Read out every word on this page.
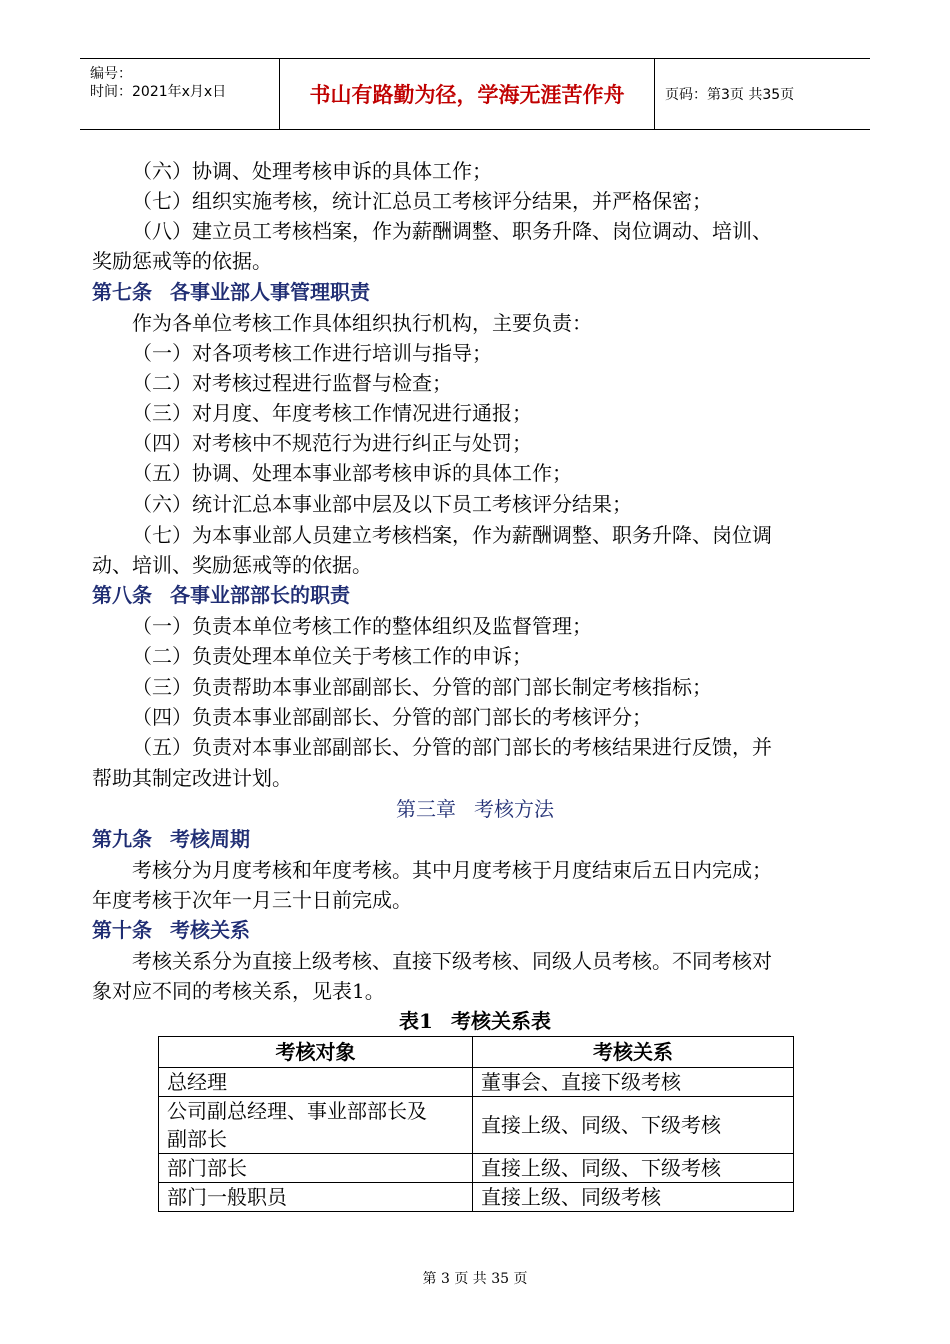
编号：
时间：2021年x月x日	书山有路勤为径，学海无涯苦作舟	页码：第3页 共35页
（六）协调、处理考核申诉的具体工作；
（七）组织实施考核，统计汇总员工考核评分结果，并严格保密；
（八）建立员工考核档案，作为薪酬调整、职务升降、岗位调动、培训、
奖励惩戒等的依据。
第七条 各事业部人事管理职责
作为各单位考核工作具体组织执行机构，主要负责：
（一）对各项考核工作进行培训与指导；
（二）对考核过程进行监督与检查；
（三）对月度、年度考核工作情况进行通报；
（四）对考核中不规范行为进行纠正与处罚；
（五）协调、处理本事业部考核申诉的具体工作；
（六）统计汇总本事业部中层及以下员工考核评分结果；
（七）为本事业部人员建立考核档案，作为薪酬调整、职务升降、岗位调
动、培训、奖励惩戒等的依据。
第八条 各事业部部长的职责
（一）负责本单位考核工作的整体组织及监督管理；
（二）负责处理本单位关于考核工作的申诉；
（三）负责帮助本事业部副部长、分管的部门部长制定考核指标；
（四）负责本事业部副部长、分管的部门部长的考核评分；
（五）负责对本事业部副部长、分管的部门部长的考核结果进行反馈，并
帮助其制定改进计划。
第三章 考核方法
第九条 考核周期
考核分为月度考核和年度考核。其中月度考核于月度结束后五日内完成；
年度考核于次年一月三十日前完成。
第十条 考核关系
考核关系分为直接上级考核、直接下级考核、同级人员考核。不同考核对
象对应不同的考核关系，见表1。
表1 考核关系表
考核对象	考核关系
总经理	董事会、直接下级考核
公司副总经理、事业部部长及
副部长	直接上级、同级、下级考核
部门部长	直接上级、同级、下级考核
部门一般职员	直接上级、同级考核
第 3 页 共 35 页
